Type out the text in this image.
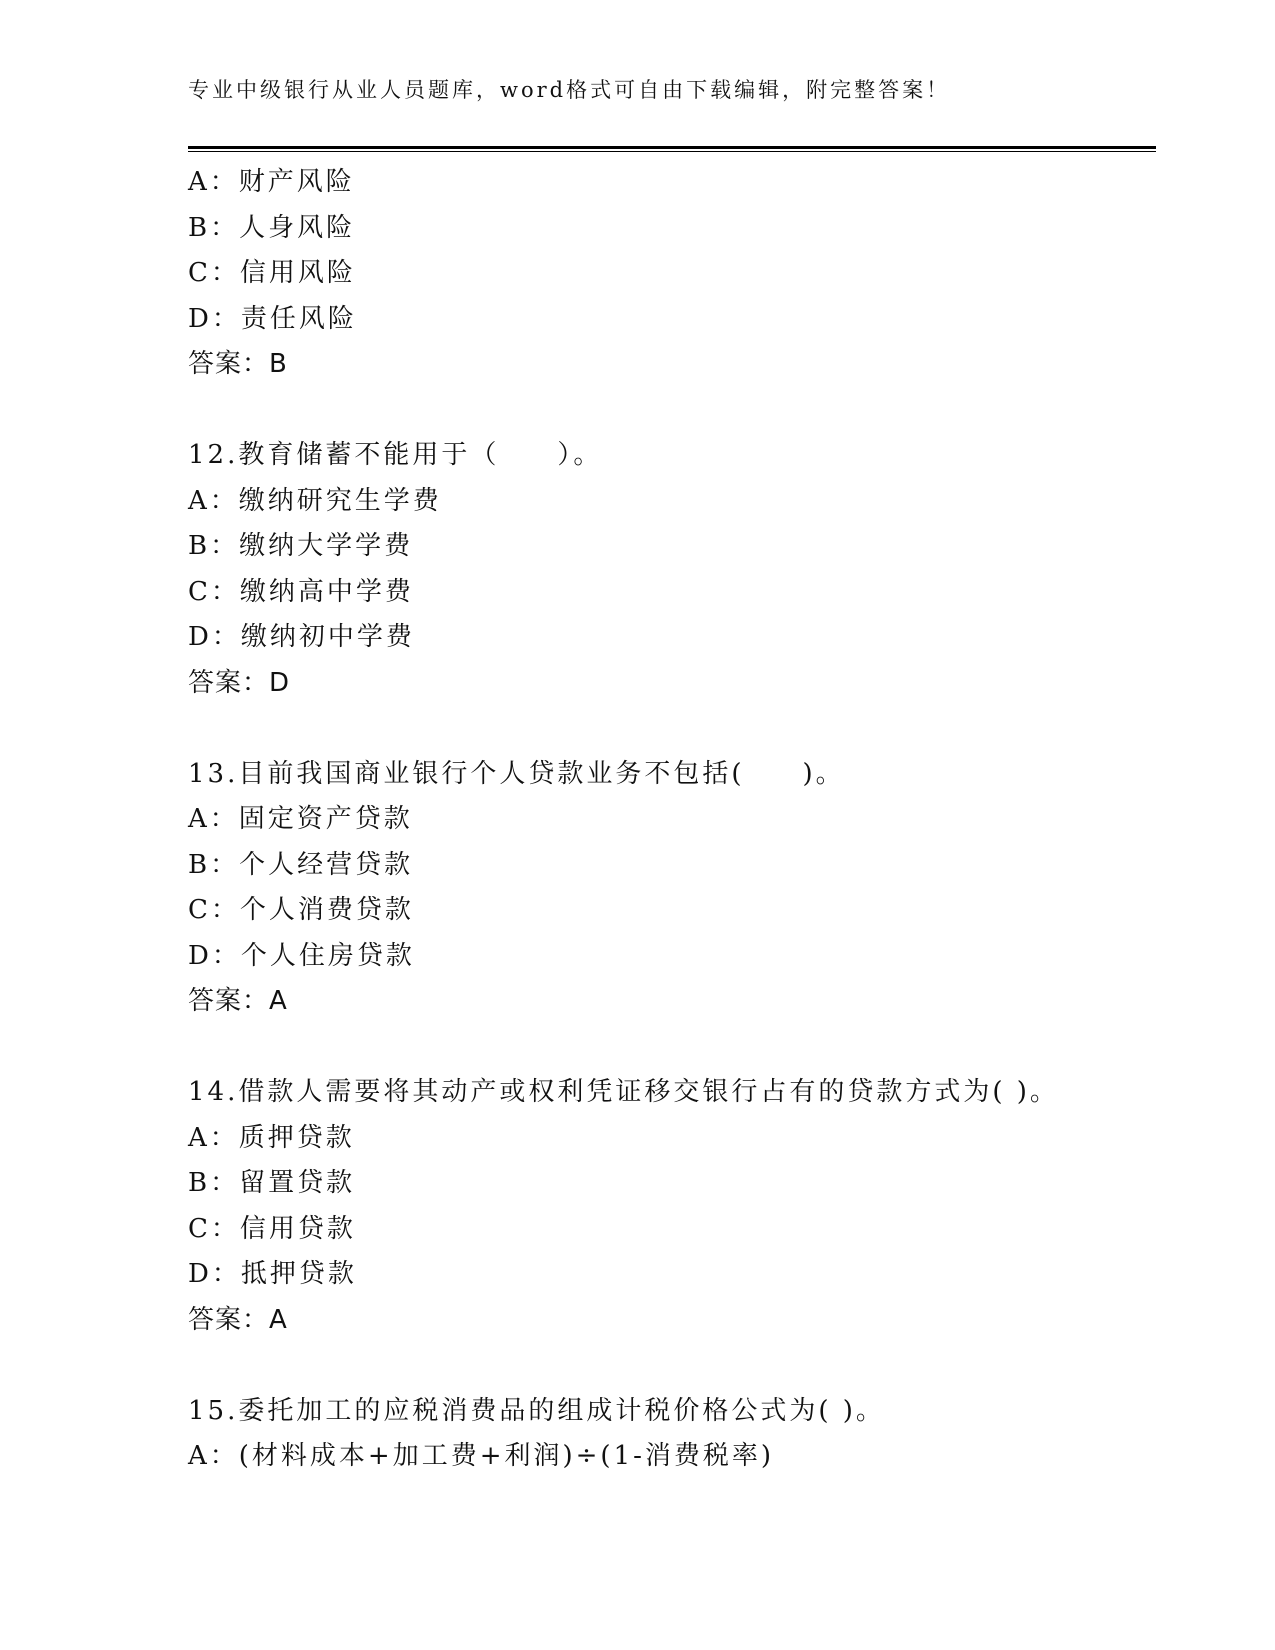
专业中级银行从业人员题库，word格式可自由下载编辑，附完整答案！
A：财产风险
B：人身风险
C：信用风险
D：责任风险
答案：B
12.教育储蓄不能用于（　　）。
A：缴纳研究生学费
B：缴纳大学学费
C：缴纳高中学费
D：缴纳初中学费
答案：D
13.目前我国商业银行个人贷款业务不包括(　　)。
A：固定资产贷款
B：个人经营贷款
C：个人消费贷款
D：个人住房贷款
答案：A
14.借款人需要将其动产或权利凭证移交银行占有的贷款方式为( )。
A：质押贷款
B：留置贷款
C：信用贷款
D：抵押贷款
答案：A
15.委托加工的应税消费品的组成计税价格公式为( )。
A：(材料成本+加工费+利润)÷(1-消费税率)
